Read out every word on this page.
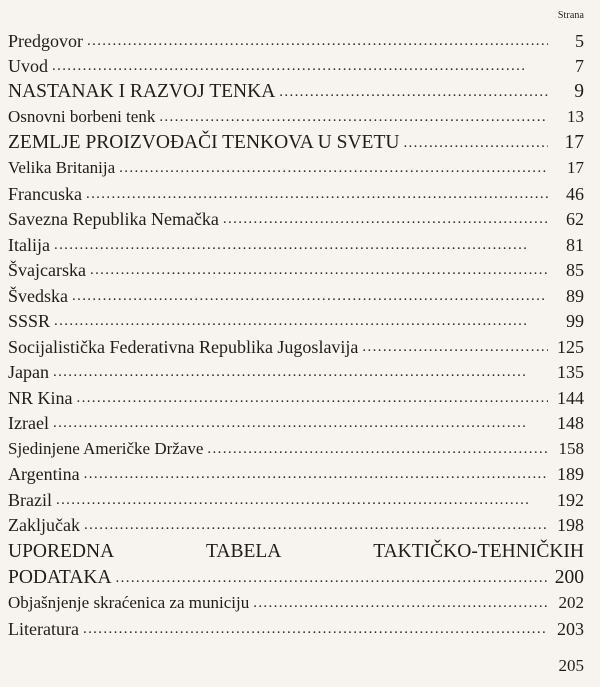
Strana
Predgovor . . .	5
Uvod . . .	7
NASTANAK I RAZVOJ TENKA . . .	9
Osnovni borbeni tenk . . .	13
ZEMLJE PROIZVOĐAČI TENKOVA U SVETU . . .	17
Velika Britanija . . .	17
Francuska . . .	46
Savezna Republika Nemačka . . .	62
Italija . . .	81
Švajcarska . . .	85
Švedska . . .	89
SSSR . . .	99
Socijalistička Federativna Republika Jugoslavija . . .	125
Japan . . .	135
NR Kina . . .	144
Izrael . . .	148
Sjedinjene Američke Države . . .	158
Argentina . . .	189
Brazil . . .	192
Zaključak . . .	198
UPOREDNA	TABELA	TAKTIČKO-TEHNIČKIH
PODATAKA . . .	200
Objašnjenje skraćenica za municiju . . .	202
Literatura . . .	203
205
